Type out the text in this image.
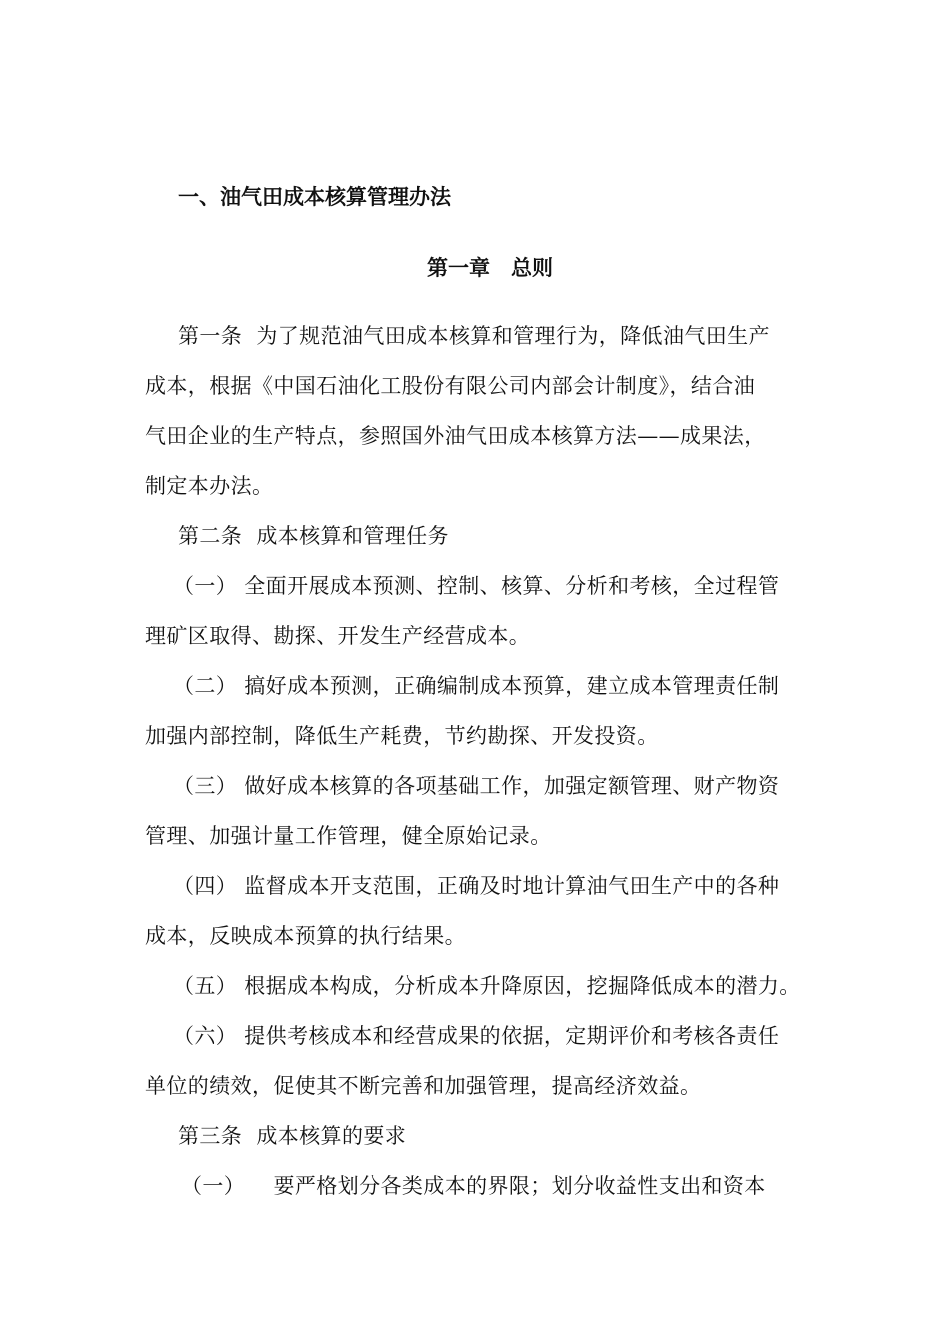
一、油气田成本核算管理办法
第一章　总则
第一条  为了规范油气田成本核算和管理行为，降低油气田生产
成本，根据《中国石油化工股份有限公司内部会计制度》，结合油
气田企业的生产特点，参照国外油气田成本核算方法——成果法，
制定本办法。
第二条  成本核算和管理任务
（一） 全面开展成本预测、控制、核算、分析和考核，全过程管
理矿区取得、勘探、开发生产经营成本。
（二） 搞好成本预测，正确编制成本预算，建立成本管理责任制
加强内部控制，降低生产耗费，节约勘探、开发投资。
（三） 做好成本核算的各项基础工作，加强定额管理、财产物资
管理、加强计量工作管理，健全原始记录。
（四） 监督成本开支范围，正确及时地计算油气田生产中的各种
成本，反映成本预算的执行结果。
（五） 根据成本构成，分析成本升降原因，挖掘降低成本的潜力。
（六） 提供考核成本和经营成果的依据，定期评价和考核各责任
单位的绩效，促使其不断完善和加强管理，提高经济效益。
第三条  成本核算的要求
（一）    要严格划分各类成本的界限；划分收益性支出和资本
